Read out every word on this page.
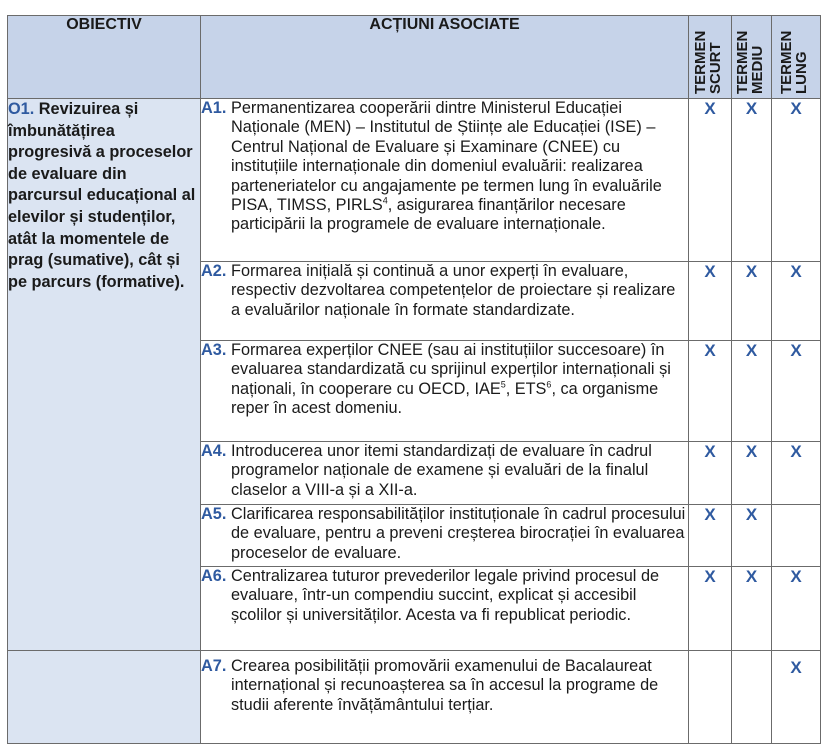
OBIECTIV	ACȚIUNI ASOCIATE	TERMEN SCURT	TERMEN MEDIU	TERMEN LUNG

O1. Revizuirea și îmbunătățirea progresivă a proceselor de evaluare din parcursul educațional al elevilor și studenților, atât la momentele de prag (sumative), cât și pe parcurs (formative).	A1. Permanentizarea cooperării dintre Ministerul Educației Naționale (MEN) – Institutul de Științe ale Educației (ISE) – Centrul Național de Evaluare și Examinare (CNEE) cu instituțiile internaționale din domeniul evaluării: realizarea parteneriatelor cu angajamente pe termen lung în evaluările PISA, TIMSS, PIRLS$^4$, asigurarea finanțărilor necesare participării la programele de evaluare internaționale.	X	X	X

	A2. Formarea inițială și continuă a unor experți în evaluare, respectiv dezvoltarea competențelor de proiectare și realizare a evaluărilor naționale în formate standardizate.	X	X	X

	A3. Formarea experților CNEE (sau ai instituțiilor succesoare) în evaluarea standardizată cu sprijinul experților internaționali și naționali, în cooperare cu OECD, IAE$^5$, ETS$^6$, ca organisme reper în acest domeniu.	X	X	X

	A4. Introducerea unor itemi standardizați de evaluare în cadrul programelor naționale de examene și evaluări de la finalul claselor a VIII-a și a XII-a.	X	X	X

	A5. Clarificarea responsabilităților instituționale în cadrul procesului de evaluare, pentru a preveni creșterea birocrației în evaluarea proceselor de evaluare.	X	X	

	A6. Centralizarea tuturor prevederilor legale privind procesul de evaluare, într-un compendiu succint, explicat și accesibil școlilor și universităților. Acesta va fi republicat periodic.	X	X	X

	A7. Crearea posibilității promovării examenului de Bacalaureat internațional și recunoașterea sa în accesul la programe de studii aferente învățământului terțiar.			X
